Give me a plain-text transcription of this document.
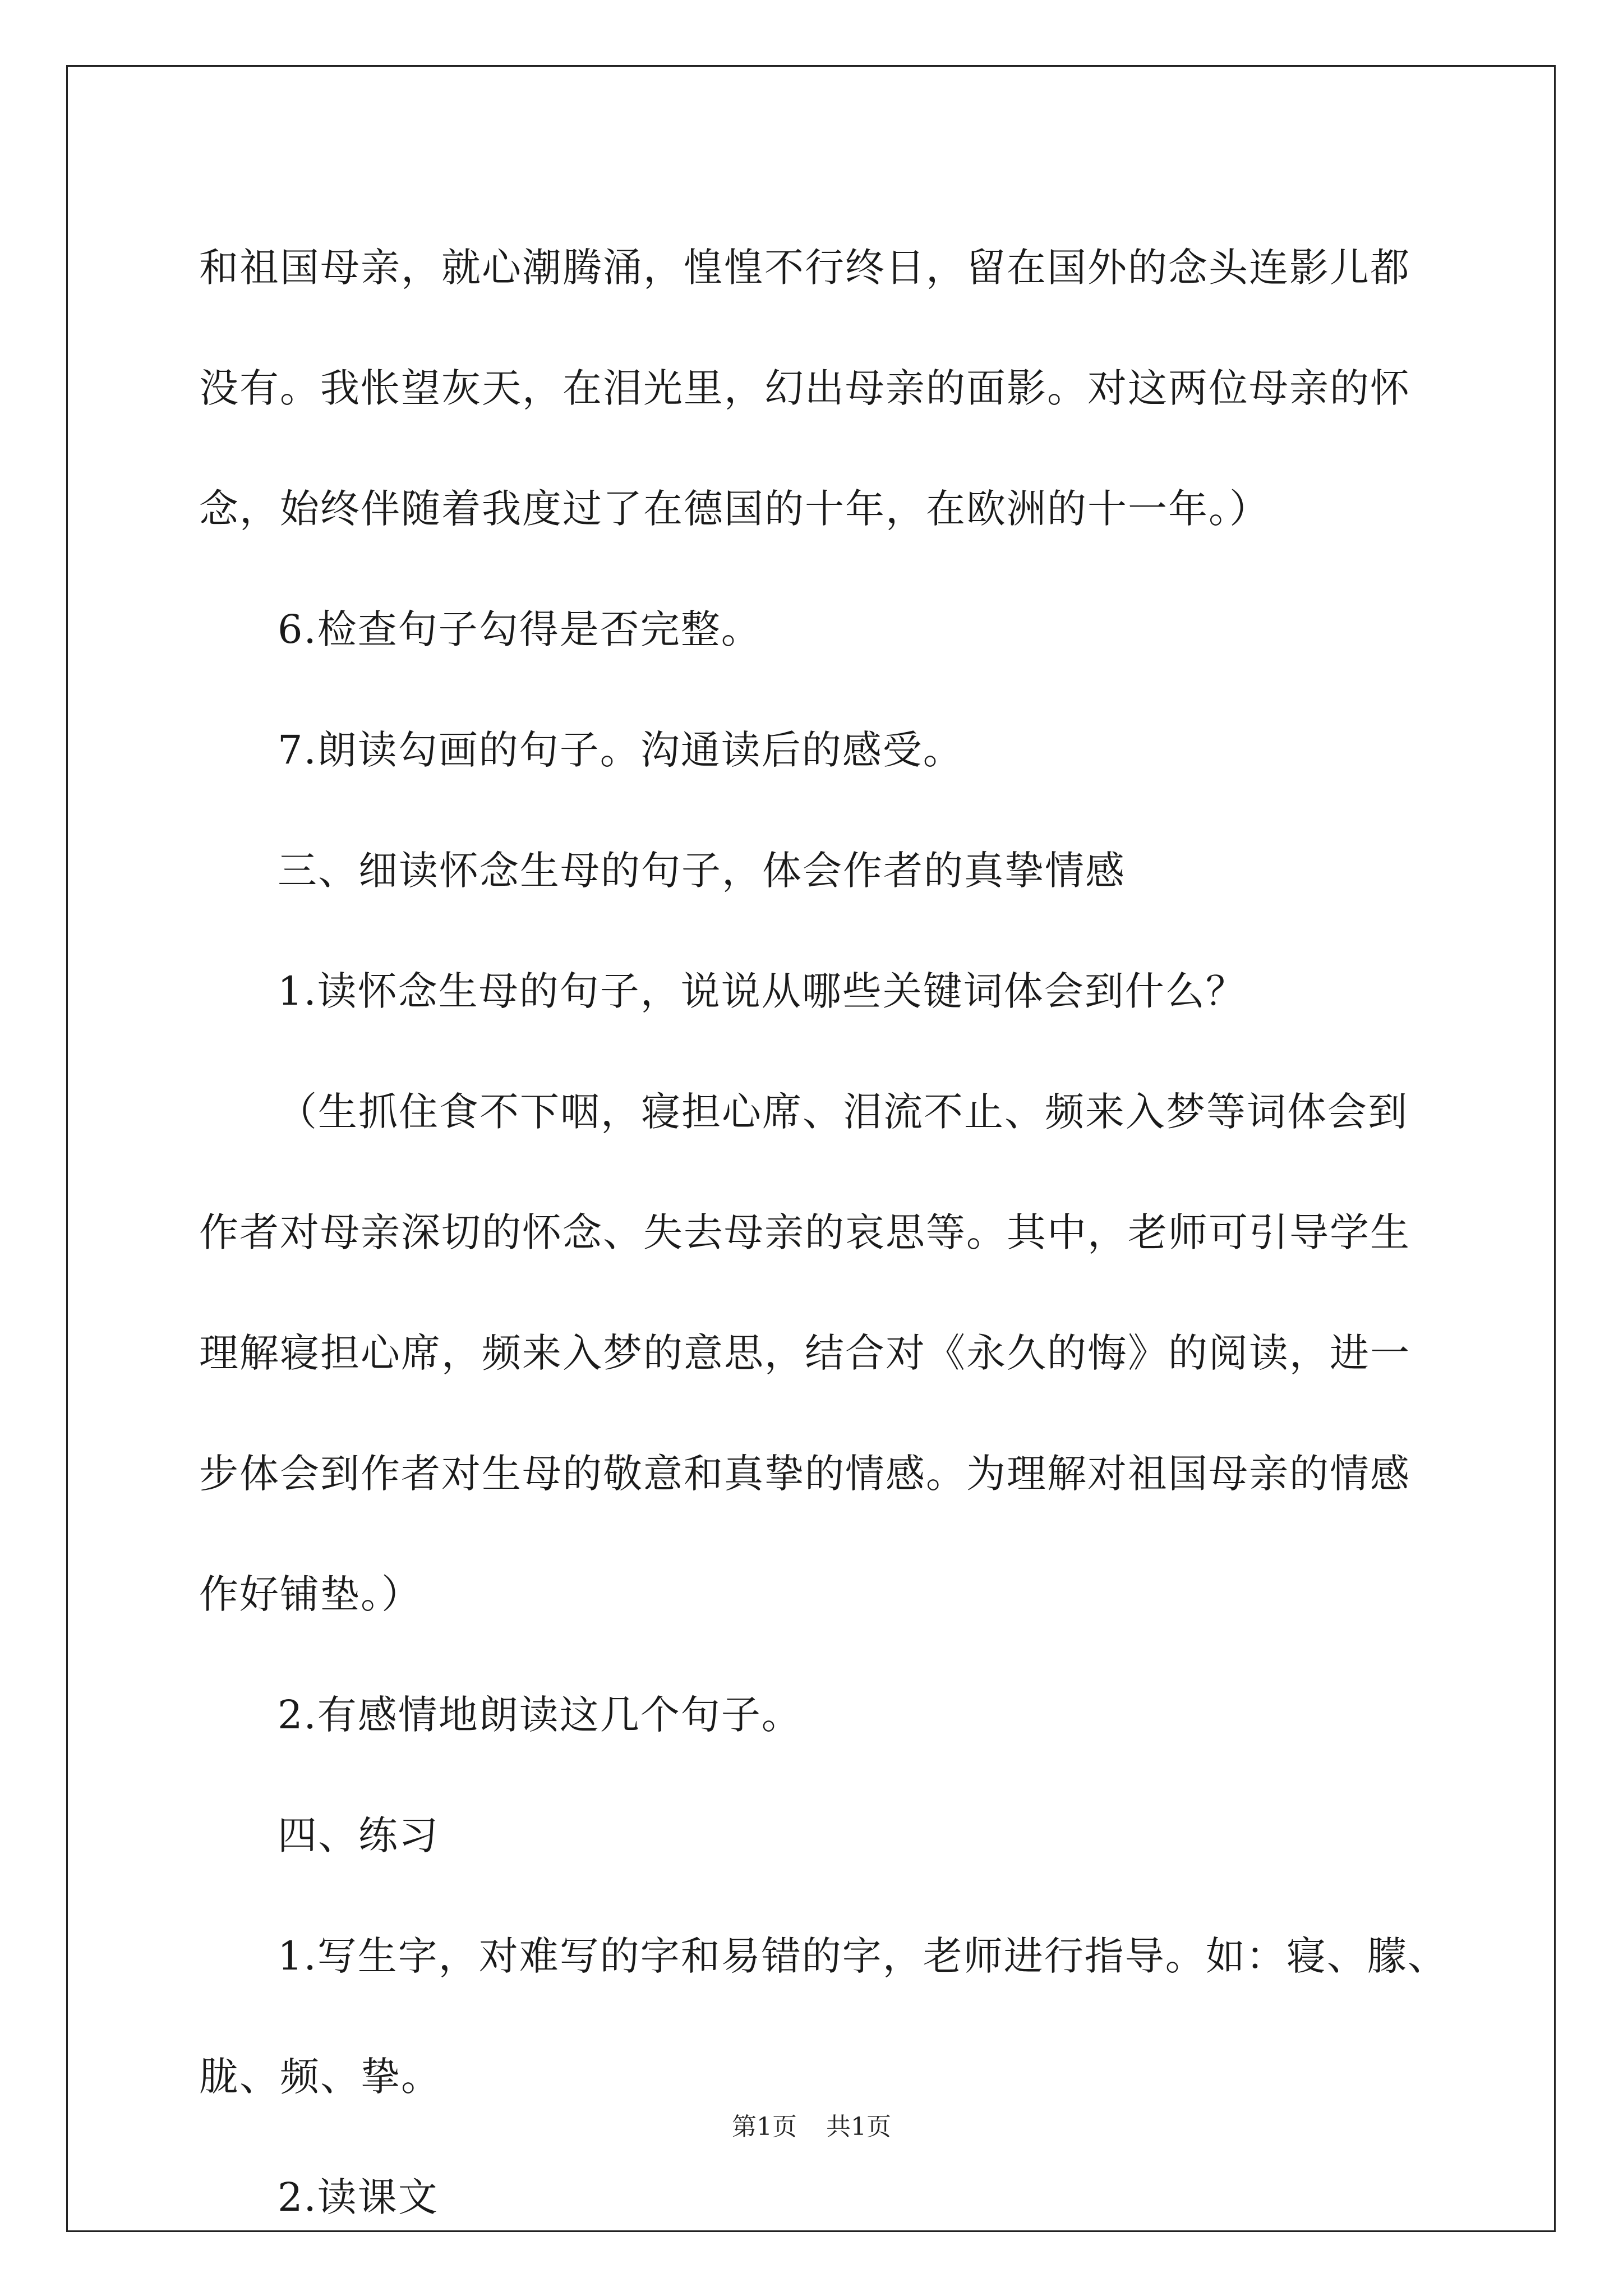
和祖国母亲，就心潮腾涌，惶惶不行终日，留在国外的念头连影儿都

没有。我怅望灰天，在泪光里，幻出母亲的面影。对这两位母亲的怀

念，始终伴随着我度过了在德国的十年，在欧洲的十一年。）

6.检查句子勾得是否完整。

7.朗读勾画的句子。沟通读后的感受。

三、细读怀念生母的句子，体会作者的真挚情感

1.读怀念生母的句子，说说从哪些关键词体会到什么？

（生抓住食不下咽，寝担心席、泪流不止、频来入梦等词体会到

作者对母亲深切的怀念、失去母亲的哀思等。其中，老师可引导学生

理解寝担心席，频来入梦的意思，结合对《永久的悔》的阅读，进一

步体会到作者对生母的敬意和真挚的情感。为理解对祖国母亲的情感

作好铺垫。）

2.有感情地朗读这几个句子。

四、练习

1.写生字，对难写的字和易错的字，老师进行指导。如：寝、朦、

胧、频、挚。

2.读课文

第1页 共1页
